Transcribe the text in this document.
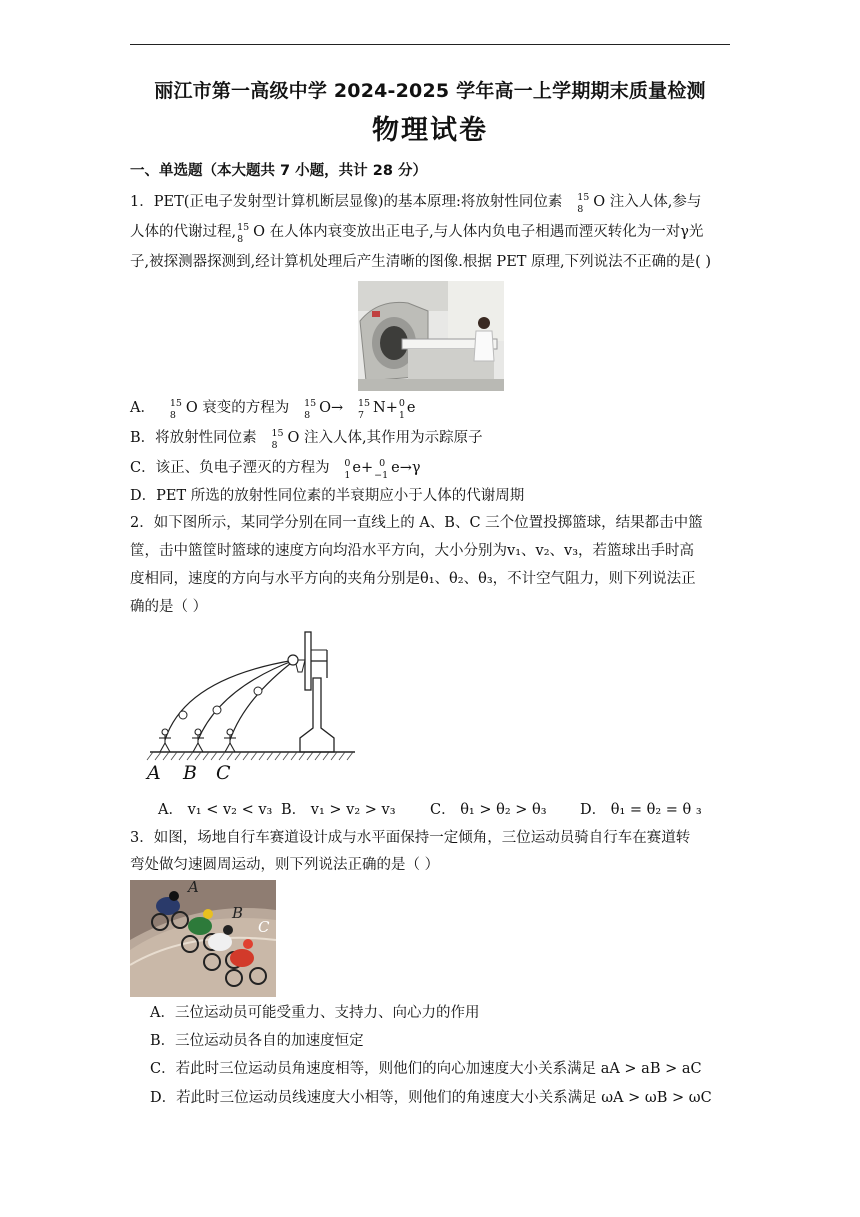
丽江市第一高级中学 2024-2025 学年高一上学期期末质量检测
物理试卷
一、单选题（本大题共 7 小题，共计 28 分）
1．PET(正电子发射型计算机断层显像)的基本原理:将放射性同位素 15
8 O 注入人体,参与
人体的代谢过程, 15
8 O 在人体内衰变放出正电子,与人体内负电子相遇而湮灭转化为一对γ光
子,被探测器探测到,经计算机处理后产生清晰的图像.根据 PET 原理,下列说法不正确的是( )
A． 15
8 O 衰变的方程为 15
8 O→ 15
7 N+ 0
1 e
B．将放射性同位素 15
8 O 注入人体,其作用为示踪原子
C．该正、负电子湮灭的方程为 0
1 e+ 0
−1 e→γ
D．PET 所选的放射性同位素的半衰期应小于人体的代谢周期
2．如下图所示，某同学分别在同一直线上的 A、B、C 三个位置投掷篮球，结果都击中篮
筐，击中篮筐时篮球的速度方向均沿水平方向，大小分别为v₁、v₂、v₃，若篮球出手时高
度相同，速度的方向与水平方向的夹角分别是θ₁、θ₂、θ₃，不计空气阻力，则下列说法正
确的是（ ）
A B C
A． v₁ < v₂ < v₃ B． v₁ > v₂ > v₃ C． θ₁ > θ₂ > θ₃ D． θ₁ = θ₂ = θ ₃
3．如图，场地自行车赛道设计成与水平面保持一定倾角，三位运动员骑自行车在赛道转
弯处做匀速圆周运动，则下列说法正确的是（ ）
A
B
C
A．三位运动员可能受重力、支持力、向心力的作用
B．三位运动员各自的加速度恒定
C．若此时三位运动员角速度相等，则他们的向心加速度大小关系满足 aA > aB > aC
D．若此时三位运动员线速度大小相等，则他们的角速度大小关系满足 ωA > ωB > ωC
